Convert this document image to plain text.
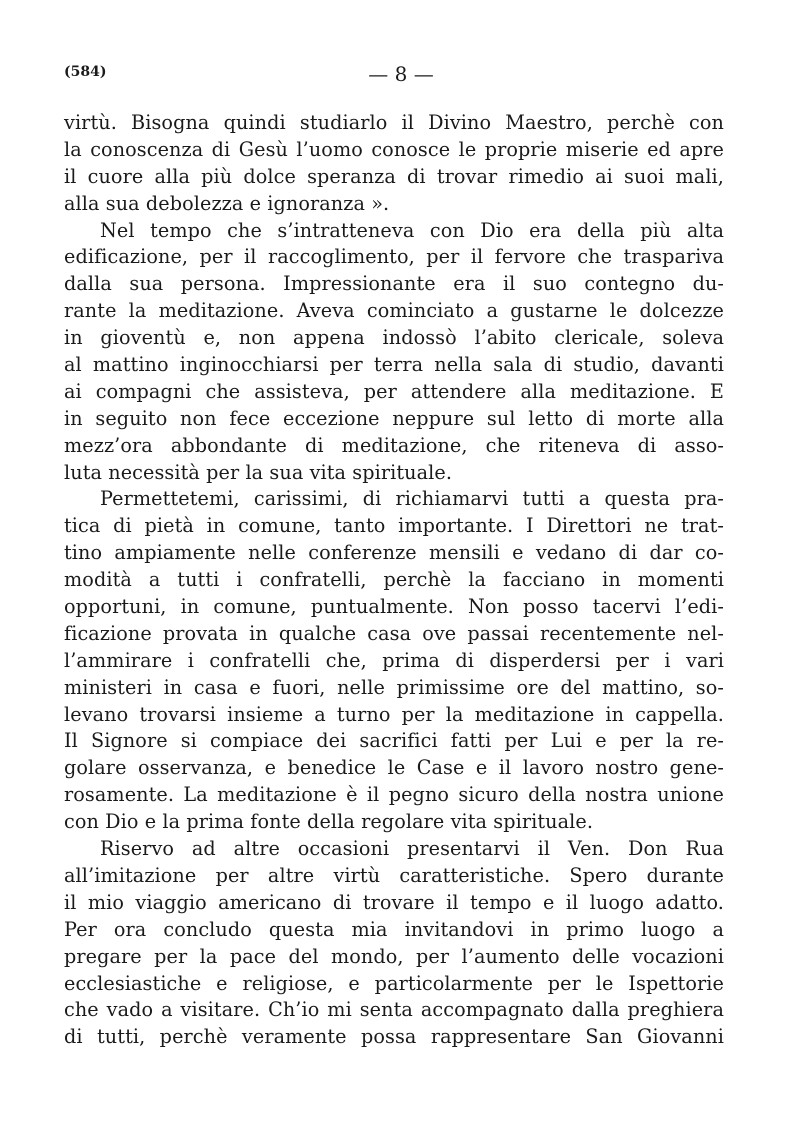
(584)	— 8 —
virtù. Bisogna quindi studiarlo il Divino Maestro, perchè con
la conoscenza di Gesù l’uomo conosce le proprie miserie ed apre
il cuore alla più dolce speranza di trovar rimedio ai suoi mali,
alla sua debolezza e ignoranza ».
Nel tempo che s’intratteneva con Dio era della più alta
edificazione, per il raccoglimento, per il fervore che traspariva
dalla sua persona. Impressionante era il suo contegno du-
rante la meditazione. Aveva cominciato a gustarne le dolcezze
in gioventù e, non appena indossò l’abito clericale, soleva
al mattino inginocchiarsi per terra nella sala di studio, davanti
ai compagni che assisteva, per attendere alla meditazione. E
in seguito non fece eccezione neppure sul letto di morte alla
mezz’ora abbondante di meditazione, che riteneva di asso-
luta necessità per la sua vita spirituale.
Permettetemi, carissimi, di richiamarvi tutti a questa pra-
tica di pietà in comune, tanto importante. I Direttori ne trat-
tino ampiamente nelle conferenze mensili e vedano di dar co-
modità a tutti i confratelli, perchè la facciano in momenti
opportuni, in comune, puntualmente. Non posso tacervi l’edi-
ficazione provata in qualche casa ove passai recentemente nel-
l’ammirare i confratelli che, prima di disperdersi per i vari
ministeri in casa e fuori, nelle primissime ore del mattino, so-
levano trovarsi insieme a turno per la meditazione in cappella.
Il Signore si compiace dei sacrifici fatti per Lui e per la re-
golare osservanza, e benedice le Case e il lavoro nostro gene-
rosamente. La meditazione è il pegno sicuro della nostra unione
con Dio e la prima fonte della regolare vita spirituale.
Riservo ad altre occasioni presentarvi il Ven. Don Rua
all’imitazione per altre virtù caratteristiche. Spero durante
il mio viaggio americano di trovare il tempo e il luogo adatto.
Per ora concludo questa mia invitandovi in primo luogo a
pregare per la pace del mondo, per l’aumento delle vocazioni
ecclesiastiche e religiose, e particolarmente per le Ispettorie
che vado a visitare. Ch’io mi senta accompagnato dalla preghiera
di tutti, perchè veramente possa rappresentare San Giovanni
